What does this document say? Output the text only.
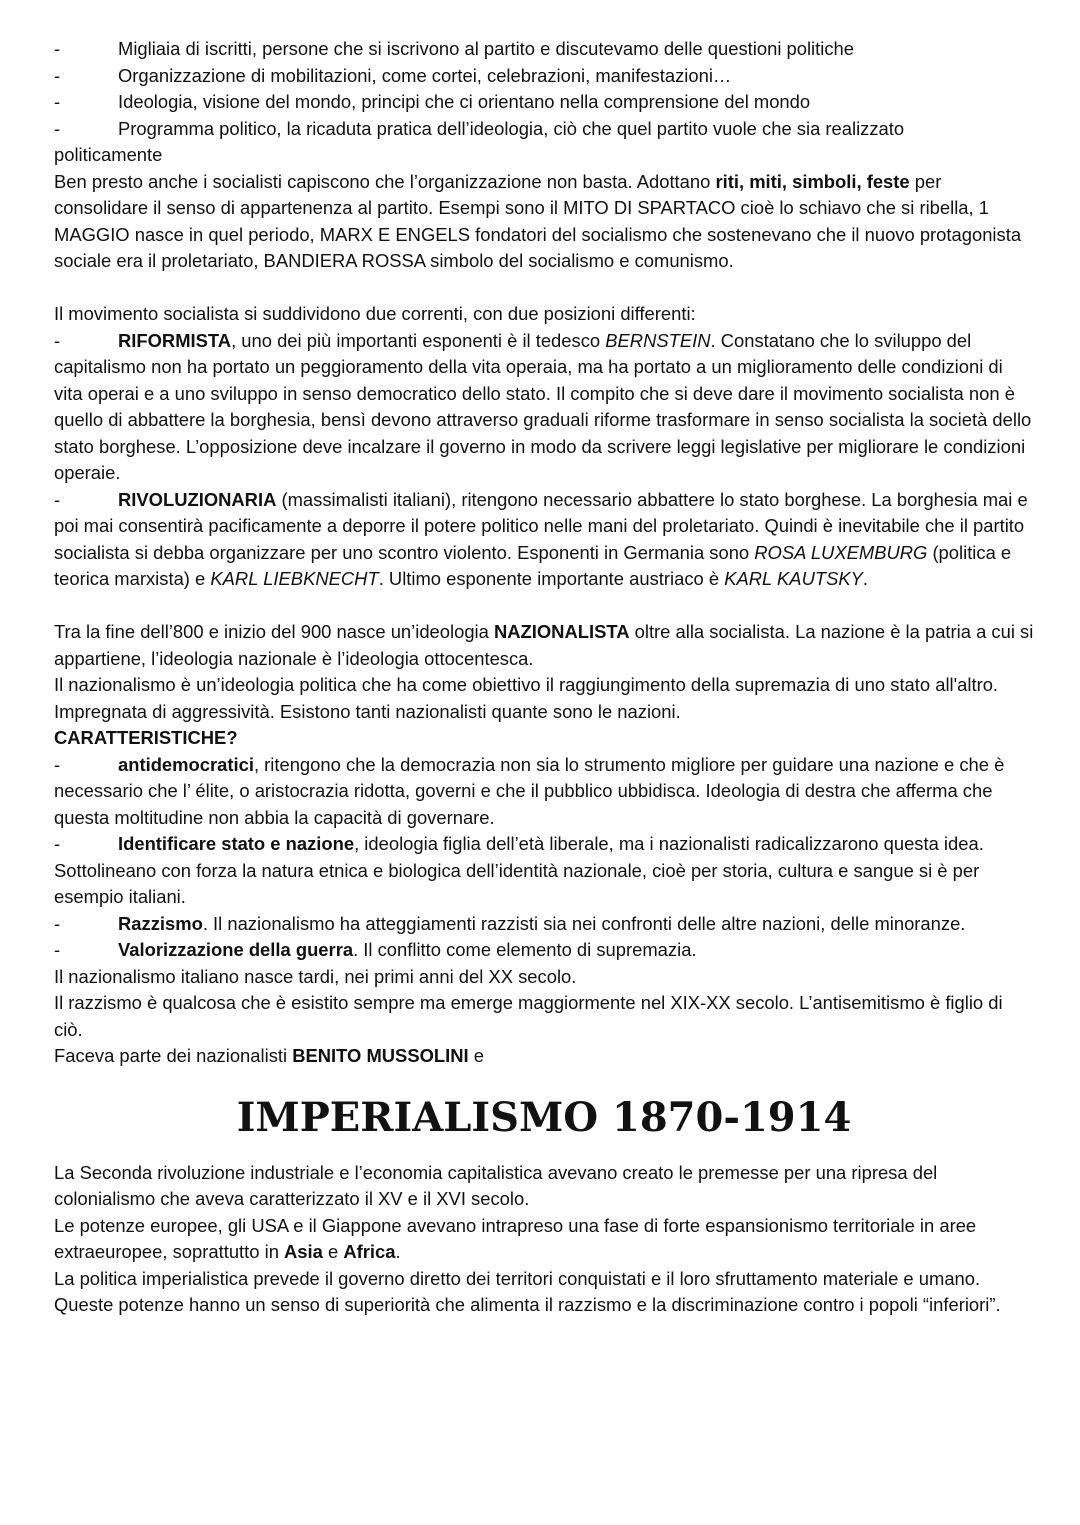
-	Migliaia di iscritti, persone che si iscrivono al partito e discutevamo delle questioni politiche
-	Organizzazione di mobilitazioni, come cortei, celebrazioni, manifestazioni…
-	Ideologia, visione del mondo, principi che ci orientano nella comprensione del mondo
-	Programma politico, la ricaduta pratica dell’ideologia, ciò che quel partito vuole che sia realizzato
politicamente

Ben presto anche i socialisti capiscono che l’organizzazione non basta. Adottano riti, miti, simboli, feste per consolidare il senso di appartenenza al partito. Esempi sono il MITO DI SPARTACO cioè lo schiavo che si ribella, 1 MAGGIO nasce in quel periodo, MARX E ENGELS fondatori del socialismo che sostenevano che il nuovo protagonista sociale era il proletariato, BANDIERA ROSSA simbolo del socialismo e comunismo.

Il movimento socialista si suddividono due correnti, con due posizioni differenti:

-	RIFORMISTA, uno dei più importanti esponenti è il tedesco BERNSTEIN. Constatano che lo sviluppo del capitalismo non ha portato un peggioramento della vita operaia, ma ha portato a un miglioramento delle condizioni di vita operai e a uno sviluppo in senso democratico dello stato. Il compito che si deve dare il movimento socialista non è quello di abbattere la borghesia, bensì devono attraverso graduali riforme trasformare in senso socialista la società dello stato borghese. L’opposizione deve incalzare il governo in modo da scrivere leggi legislative per migliorare le condizioni operaie.

-	RIVOLUZIONARIA (massimalisti italiani), ritengono necessario abbattere lo stato borghese. La borghesia mai e poi mai consentirà pacificamente a deporre il potere politico nelle mani del proletariato. Quindi è inevitabile che il partito socialista si debba organizzare per uno scontro violento. Esponenti in Germania sono ROSA LUXEMBURG (politica e teorica marxista) e KARL LIEBKNECHT. Ultimo esponente importante austriaco è KARL KAUTSKY.

Tra la fine dell’800 e inizio del 900 nasce un’ideologia NAZIONALISTA oltre alla socialista. La nazione è la patria a cui si appartiene, l’ideologia nazionale è l’ideologia ottocentesca.

Il nazionalismo è un’ideologia politica che ha come obiettivo il raggiungimento della supremazia di uno stato all'altro. Impregnata di aggressività. Esistono tanti nazionalisti quante sono le nazioni.

CARATTERISTICHE?

-	antidemocratici, ritengono che la democrazia non sia lo strumento migliore per guidare una nazione e che è necessario che l’ élite, o aristocrazia ridotta, governi e che il pubblico ubbidisca. Ideologia di destra che afferma che questa moltitudine non abbia la capacità di governare.

-	Identificare stato e nazione, ideologia figlia dell’età liberale, ma i nazionalisti radicalizzarono questa idea. Sottolineano con forza la natura etnica e biologica dell’identità nazionale, cioè per storia, cultura e sangue si è per esempio italiani.

-	Razzismo. Il nazionalismo ha atteggiamenti razzisti sia nei confronti delle altre nazioni, delle minoranze.

-	Valorizzazione della guerra. Il conflitto come elemento di supremazia.

Il nazionalismo italiano nasce tardi, nei primi anni del XX secolo.

Il razzismo è qualcosa che è esistito sempre ma emerge maggiormente nel XIX-XX secolo. L’antisemitismo è figlio di ciò.

Faceva parte dei nazionalisti BENITO MUSSOLINI e

IMPERIALISMO 1870-1914

La Seconda rivoluzione industriale e l’economia capitalistica avevano creato le premesse per una ripresa del colonialismo che aveva caratterizzato il XV e il XVI secolo.

Le potenze europee, gli USA e il Giappone avevano intrapreso una fase di forte espansionismo territoriale in aree extraeuropee, soprattutto in Asia e Africa.

La politica imperialistica prevede il governo diretto dei territori conquistati e il loro sfruttamento materiale e umano. Queste potenze hanno un senso di superiorità che alimenta il razzismo e la discriminazione contro i popoli “inferiori”.
